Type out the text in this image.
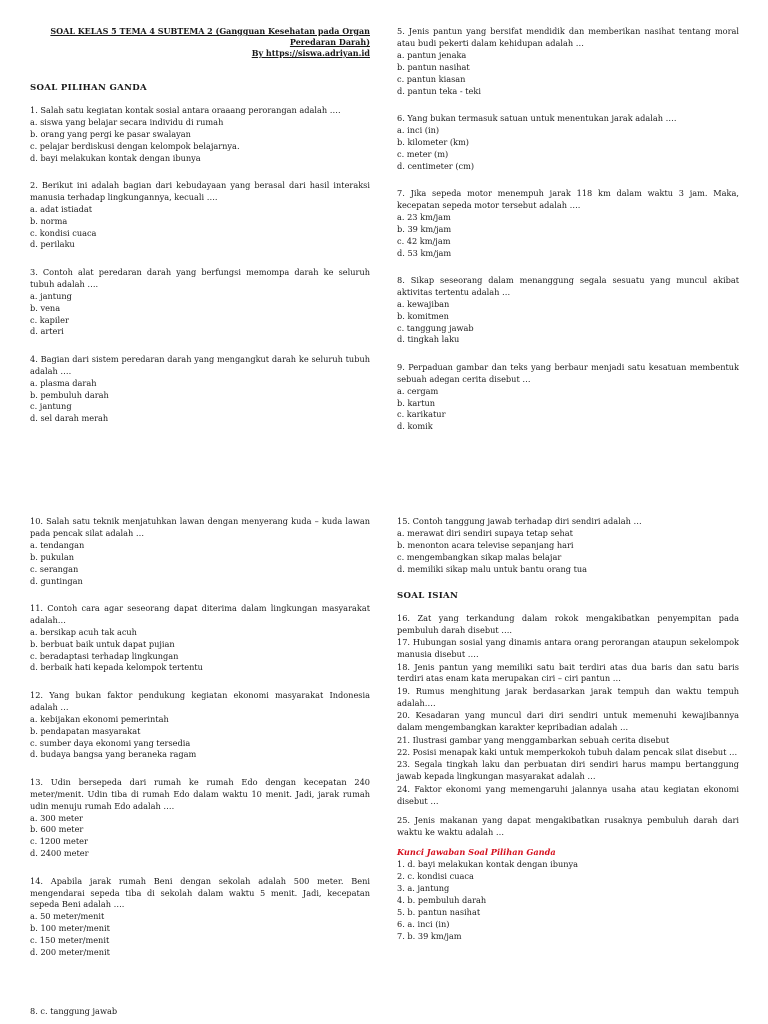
SOAL KELAS 5 TEMA 4 SUBTEMA 2 (Gangguan Kesehatan pada Organ
Peredaran Darah)
By https://siswa.adriyan.id
SOAL PILIHAN GANDA
1. Salah satu kegiatan kontak sosial antara oraaang perorangan adalah ….
a. siswa yang belajar secara individu di rumah
b. orang yang pergi ke pasar swalayan
c. pelajar berdiskusi dengan kelompok belajarnya.
d. bayi melakukan kontak dengan ibunya
2. Berikut ini adalah bagian dari kebudayaan yang berasal dari hasil interaksi manusia terhadap lingkungannya, kecuali ….
a. adat istiadat
b. norma
c. kondisi cuaca
d. perilaku
3. Contoh alat peredaran darah yang berfungsi memompa darah ke seluruh tubuh adalah ….
a. jantung
b. vena
c. kapiler
d. arteri
4. Bagian dari sistem peredaran darah yang mengangkut darah ke seluruh tubuh adalah ….
a. plasma darah
b. pembuluh darah
c. jantung
d. sel darah merah
5. Jenis pantun yang bersifat mendidik dan memberikan nasihat tentang moral atau budi pekerti dalam kehidupan adalah …
a. pantun jenaka
b. pantun nasihat
c. pantun kiasan
d. pantun teka - teki
6. Yang bukan termasuk satuan untuk menentukan jarak adalah ….
a. inci (in)
b. kilometer (km)
c. meter (m)
d. centimeter (cm)
7. Jika sepeda motor menempuh jarak 118 km dalam waktu 3 jam. Maka, kecepatan sepeda motor tersebut adalah ….
a. 23 km/jam
b. 39 km/jam
c. 42 km/jam
d. 53 km/jam
8. Sikap seseorang dalam menanggung segala sesuatu yang muncul akibat aktivitas tertentu adalah …
a. kewajiban
b. komitmen
c. tanggung jawab
d. tingkah laku
9. Perpaduan gambar dan teks yang berbaur menjadi satu kesatuan membentuk sebuah adegan cerita disebut …
a. cergam
b. kartun
c. karikatur
d. komik
10. Salah satu teknik menjatuhkan lawan dengan menyerang kuda – kuda lawan pada pencak silat adalah …
a. tendangan
b. pukulan
c. serangan
d. guntingan
11. Contoh cara agar seseorang dapat diterima dalam lingkungan masyarakat adalah…
a. bersikap acuh tak acuh
b. berbuat baik untuk dapat pujian
c. beradaptasi terhadap lingkungan
d. berbaik hati kepada kelompok tertentu
12. Yang bukan faktor pendukung kegiatan ekonomi masyarakat Indonesia adalah …
a. kebijakan ekonomi pemerintah
b. pendapatan masyarakat
c. sumber daya ekonomi yang tersedia
d. budaya bangsa yang beraneka ragam
13. Udin bersepeda dari rumah ke rumah Edo dengan kecepatan 240 meter/menit. Udin tiba di rumah Edo dalam waktu 10 menit. Jadi, jarak rumah udin menuju rumah Edo adalah ….
a. 300 meter
b. 600 meter
c. 1200 meter
d. 2400 meter
14. Apabila jarak rumah Beni dengan sekolah adalah 500 meter. Beni mengendarai sepeda tiba di sekolah dalam waktu 5 menit. Jadi, kecepatan sepeda Beni adalah ….
a. 50 meter/menit
b. 100 meter/menit
c. 150 meter/menit
d. 200 meter/menit
15. Contoh tanggung jawab terhadap diri sendiri adalah …
a. merawat diri sendiri supaya tetap sehat
b. menonton acara televise sepanjang hari
c. mengembangkan sikap malas belajar
d. memiliki sikap malu untuk bantu orang tua
SOAL ISIAN
16. Zat yang terkandung dalam rokok mengakibatkan penyempitan pada pembuluh darah disebut ….
17. Hubungan sosial yang dinamis antara orang perorangan ataupun sekelompok manusia disebut ….
18. Jenis pantun yang memiliki satu bait terdiri atas dua baris dan satu baris terdiri atas enam kata merupakan ciri – ciri pantun …
19. Rumus menghitung jarak berdasarkan jarak tempuh dan waktu tempuh adalah….
20. Kesadaran yang muncul dari diri sendiri untuk memenuhi kewajibannya dalam mengembangkan karakter kepribadian adalah …
21. Ilustrasi gambar yang menggambarkan sebuah cerita disebut
22. Posisi menapak kaki untuk memperkokoh tubuh dalam pencak silat disebut …
23. Segala tingkah laku dan perbuatan diri sendiri harus mampu bertanggung jawab kepada lingkungan masyarakat adalah …
24. Faktor ekonomi yang memengaruhi jalannya usaha atau kegiatan ekonomi disebut …
25. Jenis makanan yang dapat mengakibatkan rusaknya pembuluh darah dari waktu ke waktu adalah …
Kunci Jawaban Soal Pilihan Ganda
1. d. bayi melakukan kontak dengan ibunya
2. c. kondisi cuaca
3. a. jantung
4. b. pembuluh darah
5. b. pantun nasihat
6. a. inci (in)
7. b. 39 km/jam
8. c. tanggung jawab
